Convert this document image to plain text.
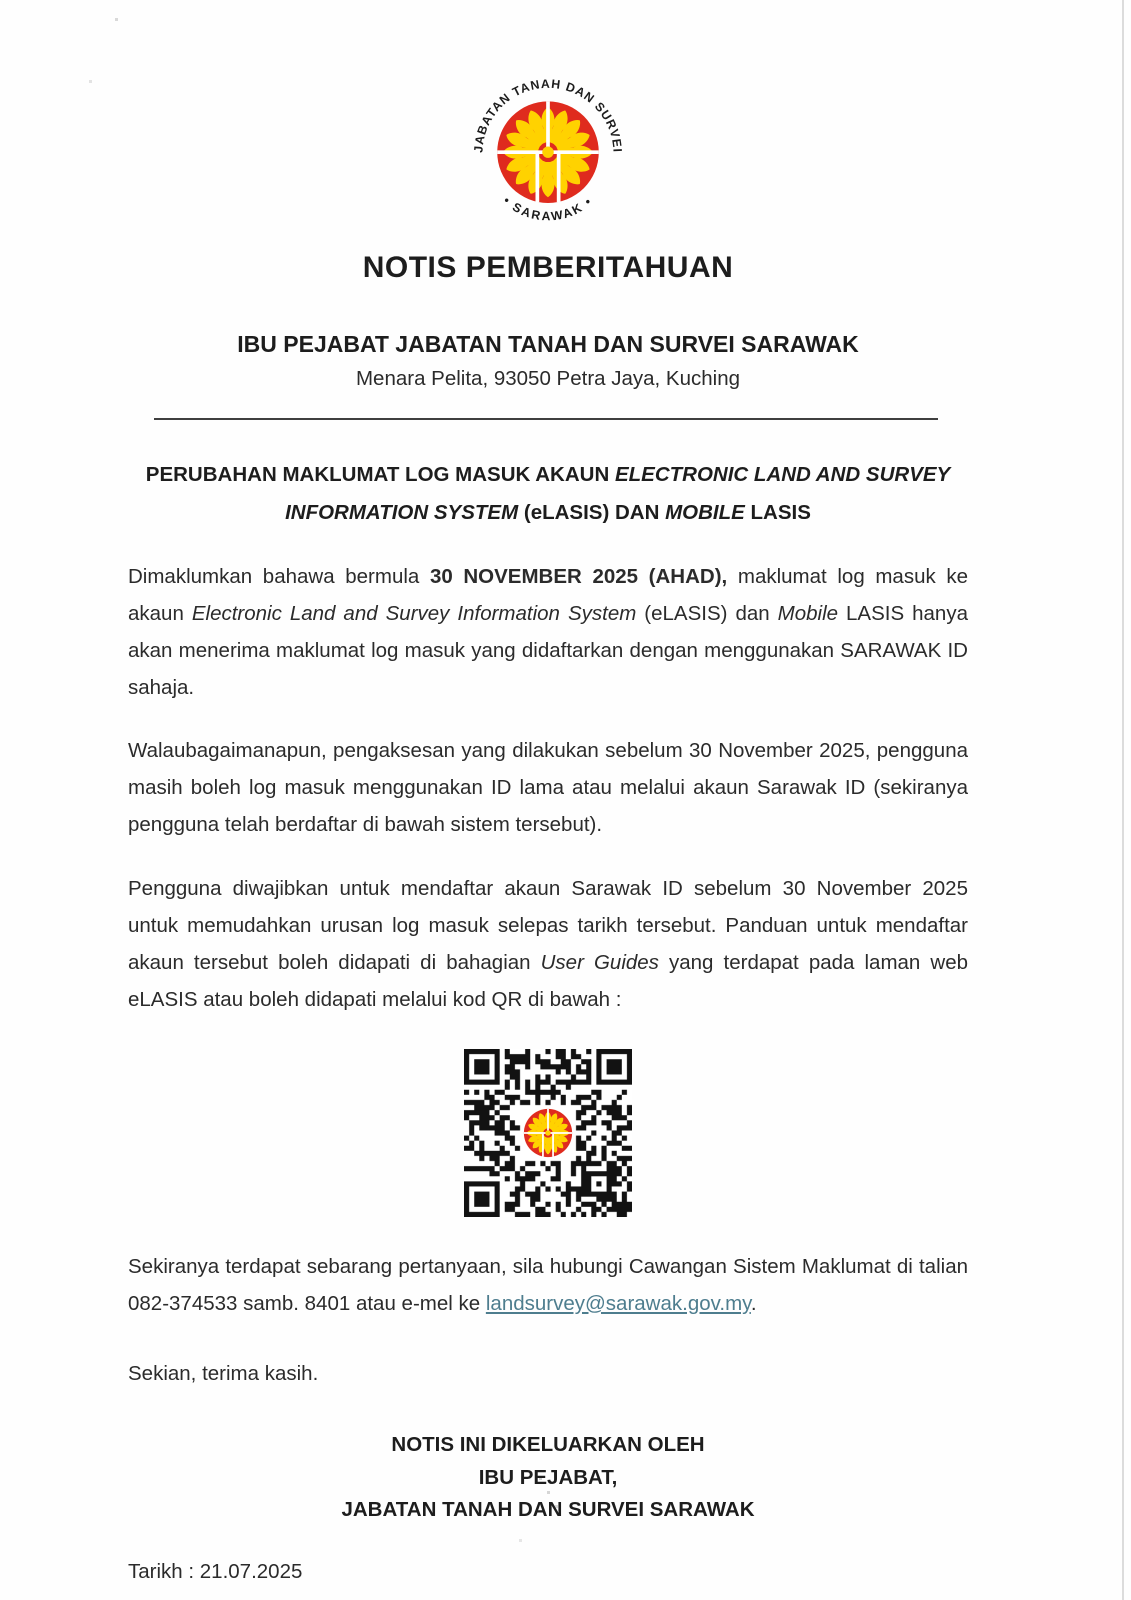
JABATAN TANAH DAN SURVEI
• SARAWAK •
NOTIS PEMBERITAHUAN
IBU PEJABAT JABATAN TANAH DAN SURVEI SARAWAK
Menara Pelita, 93050 Petra Jaya, Kuching
PERUBAHAN MAKLUMAT LOG MASUK AKAUN ELECTRONIC LAND AND SURVEY INFORMATION SYSTEM (eLASIS) DAN MOBILE LASIS

Dimaklumkan bahawa bermula 30 NOVEMBER 2025 (AHAD), maklumat log masuk ke akaun Electronic Land and Survey Information System (eLASIS) dan Mobile LASIS hanya akan menerima maklumat log masuk yang didaftarkan dengan menggunakan SARAWAK ID sahaja.

Walaubagaimanapun, pengaksesan yang dilakukan sebelum 30 November 2025, pengguna masih boleh log masuk menggunakan ID lama atau melalui akaun Sarawak ID (sekiranya pengguna telah berdaftar di bawah sistem tersebut).

Pengguna diwajibkan untuk mendaftar akaun Sarawak ID sebelum 30 November 2025 untuk memudahkan urusan log masuk selepas tarikh tersebut. Panduan untuk mendaftar akaun tersebut boleh didapati di bahagian User Guides yang terdapat pada laman web eLASIS atau boleh didapati melalui kod QR di bawah :

Sekiranya terdapat sebarang pertanyaan, sila hubungi Cawangan Sistem Maklumat di talian 082-374533 samb. 8401 atau e-mel ke landsurvey@sarawak.gov.my.

Sekian, terima kasih.

NOTIS INI DIKELUARKAN OLEH
IBU PEJABAT,
JABATAN TANAH DAN SURVEI SARAWAK
Tarikh : 21.07.2025
